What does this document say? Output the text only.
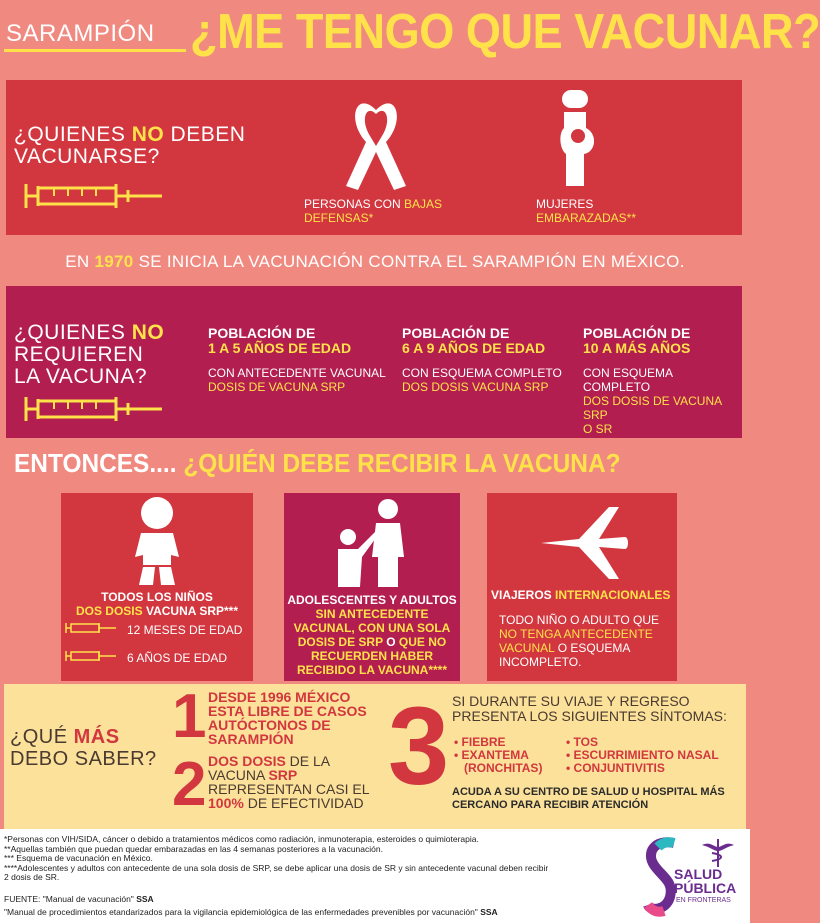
SARAMPIÓN ¿ME TENGO QUE VACUNAR?
¿QUIENES NO DEBEN
VACUNARSE?
PERSONAS CON BAJAS
DEFENSAS*
MUJERES
EMBARAZADAS**
EN 1970 SE INICIA LA VACUNACIÓN CONTRA EL SARAMPIÓN EN MÉXICO.
¿QUIENES NO
REQUIEREN
LA VACUNA?
POBLACIÓN DE
1 A 5 AÑOS DE EDAD
CON ANTECEDENTE VACUNAL
DOSIS DE VACUNA SRP
POBLACIÓN DE
6 A 9 AÑOS DE EDAD
CON ESQUEMA COMPLETO
DOS DOSIS VACUNA SRP
POBLACIÓN DE
10 A MÁS AÑOS
CON ESQUEMA COMPLETO
DOS DOSIS DE VACUNA SRP
O SR
ENTONCES.... ¿QUIÉN DEBE RECIBIR LA VACUNA?
TODOS LOS NIÑOS
DOS DOSIS VACUNA SRP***
12 MESES DE EDAD
6 AÑOS DE EDAD
ADOLESCENTES Y ADULTOS
SIN ANTECEDENTE
VACUNAL, CON UNA SOLA
DOSIS DE SRP O QUE NO
RECUERDEN HABER
RECIBIDO LA VACUNA****
VIAJEROS INTERNACIONALES
TODO NIÑO O ADULTO QUE
NO TENGA ANTECEDENTE
VACUNAL O ESQUEMA
INCOMPLETO.
¿QUÉ MÁS
DEBO SABER?
1 DESDE 1996 MÉXICO
ESTA LIBRE DE CASOS
AUTÓCTONOS DE
SARAMPIÓN
2 DOS DOSIS DE LA
VACUNA SRP
REPRESENTAN CASI EL
100% DE EFECTIVIDAD 3 SI DURANTE SU VIAJE Y REGRESO
PRESENTA LOS SIGUIENTES SÍNTOMAS:
• FIEBRE
• EXANTEMA
(RONCHITAS)
• TOS
• ESCURRIMIENTO NASAL
• CONJUNTIVITIS
ACUDA A SU CENTRO DE SALUD U HOSPITAL MÁS
CERCANO PARA RECIBIR ATENCIÓN
*Personas con VIH/SIDA, cáncer o debido a tratamientos médicos como radiación, inmunoterapia, esteroides o quimioterapia.
**Aquellas también que puedan quedar embarazadas en las 4 semanas posteriores a la vacunación.
*** Esquema de vacunación en México.
****Adolescentes y adultos con antecedente de una sola dosis de SRP, se debe aplicar una dosis de SR y sin antecedente vacunal deben recibir
2 dosis de SR.
FUENTE: "Manual de vacunación" SSA
"Manual de procedimientos etandarizados para la vigilancia epidemiológica de las enfermedades prevenibles por vacunación" SSA
SALUD
PÚBLICA
EN FRONTERAS
